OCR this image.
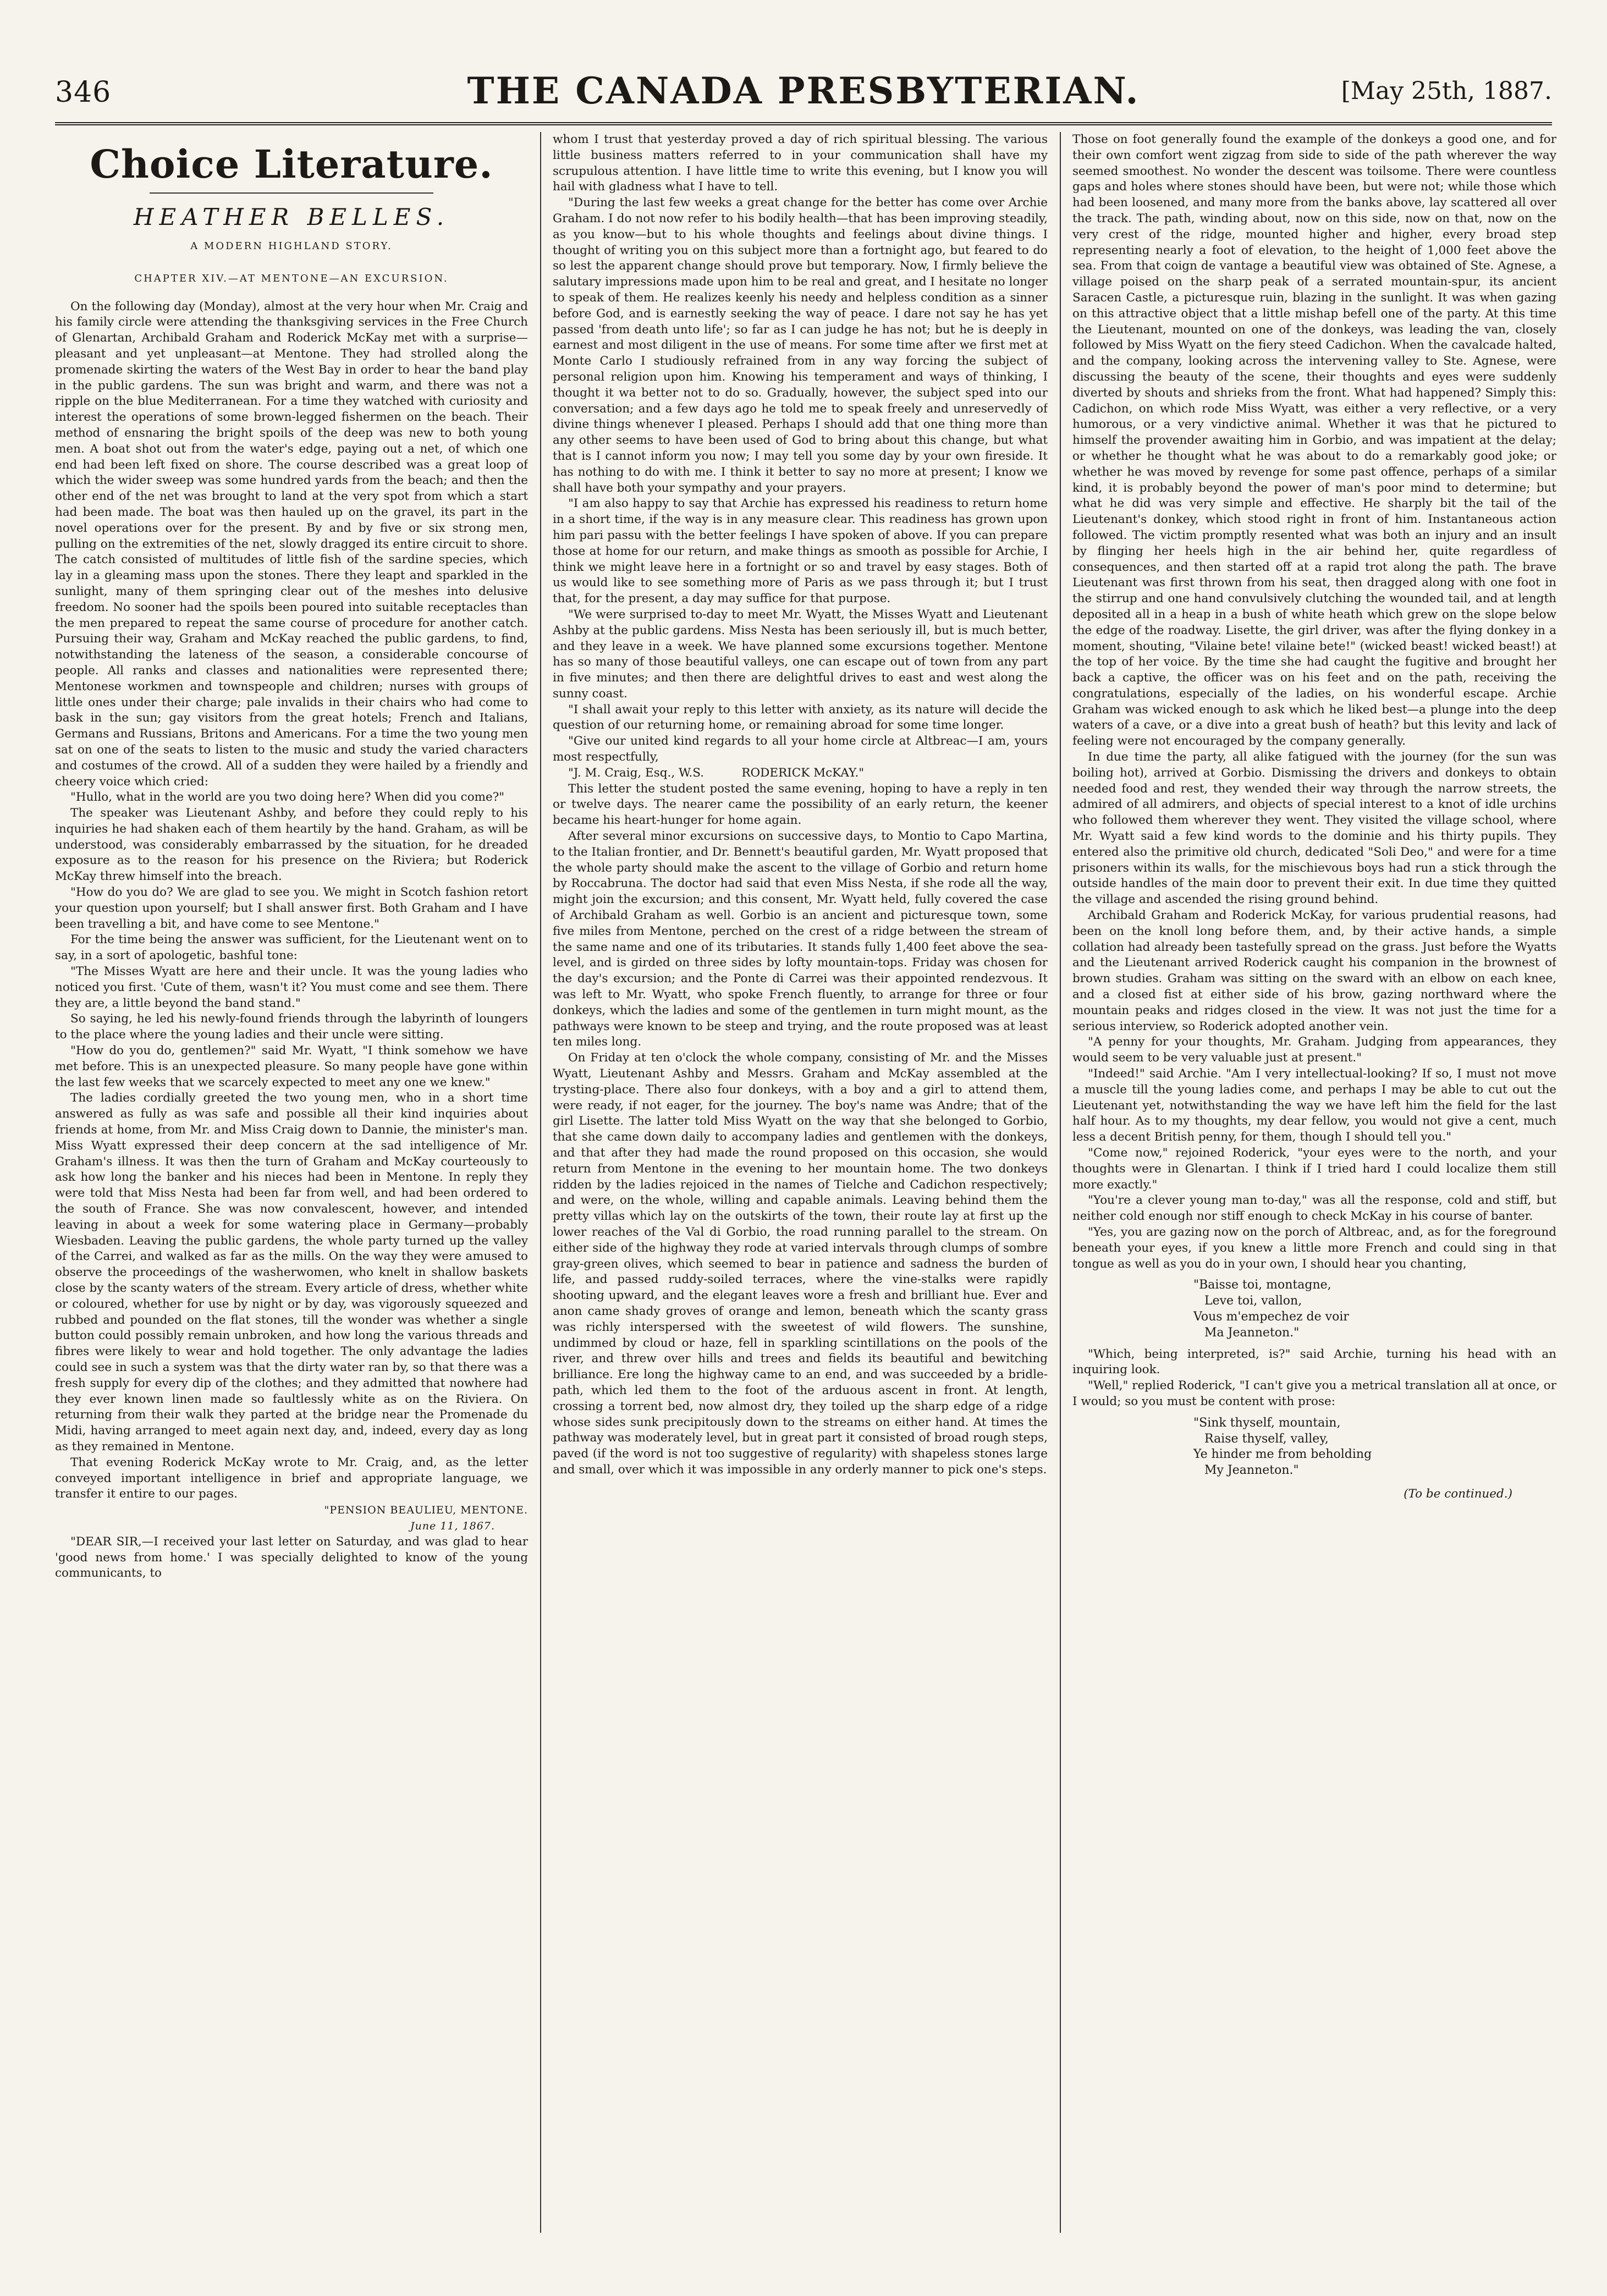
346	THE CANADA PRESBYTERIAN.	[May 25th, 1887.
Choice Literature.
HEATHER BELLES.
A MODERN HIGHLAND STORY.
CHAPTER XIV.—AT MENTONE—AN EXCURSION.

On the following day (Monday), almost at the very hour when Mr. Craig and his family circle were attending the thanksgiving services in the Free Church of Glenartan, Archibald Graham and Roderick McKay met with a surprise—pleasant and yet unpleasant—at Mentone. They had strolled along the promenade skirting the waters of the West Bay in order to hear the band play in the public gardens. The sun was bright and warm, and there was not a ripple on the blue Mediterranean. For a time they watched with curiosity and interest the operations of some brown-legged fishermen on the beach. Their method of ensnaring the bright spoils of the deep was new to both young men. A boat shot out from the water's edge, paying out a net, of which one end had been left fixed on shore. The course described was a great loop of which the wider sweep was some hundred yards from the beach; and then the other end of the net was brought to land at the very spot from which a start had been made. The boat was then hauled up on the gravel, its part in the novel operations over for the present. By and by five or six strong men, pulling on the extremities of the net, slowly dragged its entire circuit to shore. The catch consisted of multitudes of little fish of the sardine species, which lay in a gleaming mass upon the stones. There they leapt and sparkled in the sunlight, many of them springing clear out of the meshes into delusive freedom. No sooner had the spoils been poured into suitable receptacles than the men prepared to repeat the same course of procedure for another catch. Pursuing their way, Graham and McKay reached the public gardens, to find, notwithstanding the lateness of the season, a considerable concourse of people. All ranks and classes and nationalities were represented there; Mentonese workmen and townspeople and children; nurses with groups of little ones under their charge; pale invalids in their chairs who had come to bask in the sun; gay visitors from the great hotels; French and Italians, Germans and Russians, Britons and Americans. For a time the two young men sat on one of the seats to listen to the music and study the varied characters and costumes of the crowd. All of a sudden they were hailed by a friendly and cheery voice which cried:

"Hullo, what in the world are you two doing here? When did you come?"

The speaker was Lieutenant Ashby, and before they could reply to his inquiries he had shaken each of them heartily by the hand. Graham, as will be understood, was considerably embarrassed by the situation, for he dreaded exposure as to the reason for his presence on the Riviera; but Roderick McKay threw himself into the breach.

"How do you do? We are glad to see you. We might in Scotch fashion retort your question upon yourself; but I shall answer first. Both Graham and I have been travelling a bit, and have come to see Mentone."

For the time being the answer was sufficient, for the Lieutenant went on to say, in a sort of apologetic, bashful tone:

"The Misses Wyatt are here and their uncle. It was the young ladies who noticed you first. 'Cute of them, wasn't it? You must come and see them. There they are, a little beyond the band stand."

So saying, he led his newly-found friends through the labyrinth of loungers to the place where the young ladies and their uncle were sitting.

"How do you do, gentlemen?" said Mr. Wyatt, "I think somehow we have met before. This is an unexpected pleasure. So many people have gone within the last few weeks that we scarcely expected to meet any one we knew."

The ladies cordially greeted the two young men, who in a short time answered as fully as was safe and possible all their kind inquiries about friends at home, from Mr. and Miss Craig down to Dannie, the minister's man. Miss Wyatt expressed their deep concern at the sad intelligence of Mr. Graham's illness. It was then the turn of Graham and McKay courteously to ask how long the banker and his nieces had been in Mentone. In reply they were told that Miss Nesta had been far from well, and had been ordered to the south of France. She was now convalescent, however, and intended leaving in about a week for some watering place in Germany—probably Wiesbaden. Leaving the public gardens, the whole party turned up the valley of the Carrei, and walked as far as the mills. On the way they were amused to observe the proceedings of the washerwomen, who knelt in shallow baskets close by the scanty waters of the stream. Every article of dress, whether white or coloured, whether for use by night or by day, was vigorously squeezed and rubbed and pounded on the flat stones, till the wonder was whether a single button could possibly remain unbroken, and how long the various threads and fibres were likely to wear and hold together. The only advantage the ladies could see in such a system was that the dirty water ran by, so that there was a fresh supply for every dip of the clothes; and they admitted that nowhere had they ever known linen made so faultlessly white as on the Riviera. On returning from their walk they parted at the bridge near the Promenade du Midi, having arranged to meet again next day, and, indeed, every day as long as they remained in Mentone.

That evening Roderick McKay wrote to Mr. Craig, and, as the letter conveyed important intelligence in brief and appropriate language, we transfer it entire to our pages.

"PENSION BEAULIEU, MENTONE.

June 11, 1867.

"DEAR SIR,—I received your last letter on Saturday, and was glad to hear 'good news from home.' I was specially delighted to know of the young communicants, to

whom I trust that yesterday proved a day of rich spiritual blessing. The various little business matters referred to in your communication shall have my scrupulous attention. I have little time to write this evening, but I know you will hail with gladness what I have to tell.

"During the last few weeks a great change for the better has come over Archie Graham. I do not now refer to his bodily health—that has been improving steadily, as you know—but to his whole thoughts and feelings about divine things. I thought of writing you on this subject more than a fortnight ago, but feared to do so lest the apparent change should prove but temporary. Now, I firmly believe the salutary impressions made upon him to be real and great, and I hesitate no longer to speak of them. He realizes keenly his needy and helpless condition as a sinner before God, and is earnestly seeking the way of peace. I dare not say he has yet passed 'from death unto life'; so far as I can judge he has not; but he is deeply in earnest and most diligent in the use of means. For some time after we first met at Monte Carlo I studiously refrained from in any way forcing the subject of personal religion upon him. Knowing his temperament and ways of thinking, I thought it wa better not to do so. Gradually, however, the subject sped into our conversation; and a few days ago he told me to speak freely and unreservedly of divine things whenever I pleased. Perhaps I should add that one thing more than any other seems to have been used of God to bring about this change, but what that is I cannot inform you now; I may tell you some day by your own fireside. It has nothing to do with me. I think it better to say no more at present; I know we shall have both your sympathy and your prayers.

"I am also happy to say that Archie has expressed his readiness to return home in a short time, if the way is in any measure clear. This readiness has grown upon him pari passu with the better feelings I have spoken of above. If you can prepare those at home for our return, and make things as smooth as possible for Archie, I think we might leave here in a fortnight or so and travel by easy stages. Both of us would like to see something more of Paris as we pass through it; but I trust that, for the present, a day may suffice for that purpose.

"We were surprised to-day to meet Mr. Wyatt, the Misses Wyatt and Lieutenant Ashby at the public gardens. Miss Nesta has been seriously ill, but is much better, and they leave in a week. We have planned some excursions together. Mentone has so many of those beautiful valleys, one can escape out of town from any part in five minutes; and then there are delightful drives to east and west along the sunny coast.

"I shall await your reply to this letter with anxiety, as its nature will decide the question of our returning home, or remaining abroad for some time longer.

"Give our united kind regards to all your home circle at Altbreac—I am, yours most respectfully,

"J. M. Craig, Esq., W.S.          RODERICK McKAY."

This letter the student posted the same evening, hoping to have a reply in ten or twelve days. The nearer came the possibility of an early return, the keener became his heart-hunger for home again.

After several minor excursions on successive days, to Montio to Capo Martina, to the Italian frontier, and Dr. Bennett's beautiful garden, Mr. Wyatt proposed that the whole party should make the ascent to the village of Gorbio and return home by Roccabruna. The doctor had said that even Miss Nesta, if she rode all the way, might join the excursion; and this consent, Mr. Wyatt held, fully covered the case of Archibald Graham as well. Gorbio is an ancient and picturesque town, some five miles from Mentone, perched on the crest of a ridge between the stream of the same name and one of its tributaries. It stands fully 1,400 feet above the sea-level, and is girded on three sides by lofty mountain-tops. Friday was chosen for the day's excursion; and the Ponte di Carrei was their appointed rendezvous. It was left to Mr. Wyatt, who spoke French fluently, to arrange for three or four donkeys, which the ladies and some of the gentlemen in turn might mount, as the pathways were known to be steep and trying, and the route proposed was at least ten miles long.

On Friday at ten o'clock the whole company, consisting of Mr. and the Misses Wyatt, Lieutenant Ashby and Messrs. Graham and McKay assembled at the trysting-place. There also four donkeys, with a boy and a girl to attend them, were ready, if not eager, for the journey. The boy's name was Andre; that of the girl Lisette. The latter told Miss Wyatt on the way that she belonged to Gorbio, that she came down daily to accompany ladies and gentlemen with the donkeys, and that after they had made the round proposed on this occasion, she would return from Mentone in the evening to her mountain home. The two donkeys ridden by the ladies rejoiced in the names of Tielche and Cadichon respectively; and were, on the whole, willing and capable animals. Leaving behind them the pretty villas which lay on the outskirts of the town, their route lay at first up the lower reaches of the Val di Gorbio, the road running parallel to the stream. On either side of the highway they rode at varied intervals through clumps of sombre gray-green olives, which seemed to bear in patience and sadness the burden of life, and passed ruddy-soiled terraces, where the vine-stalks were rapidly shooting upward, and the elegant leaves wore a fresh and brilliant hue. Ever and anon came shady groves of orange and lemon, beneath which the scanty grass was richly interspersed with the sweetest of wild flowers. The sunshine, undimmed by cloud or haze, fell in sparkling scintillations on the pools of the river, and threw over hills and trees and fields its beautiful and bewitching brilliance. Ere long the highway came to an end, and was succeeded by a bridle-path, which led them to the foot of the arduous ascent in front. At length, crossing a torrent bed, now almost dry, they toiled up the sharp edge of a ridge whose sides sunk precipitously down to the streams on either hand. At times the pathway was moderately level, but in great part it consisted of broad rough steps, paved (if the word is not too suggestive of regularity) with shapeless stones large and small, over which it was impossible in any orderly manner to pick one's steps.

Those on foot generally found the example of the donkeys a good one, and for their own comfort went zigzag from side to side of the path wherever the way seemed smoothest. No wonder the descent was toilsome. There were countless gaps and holes where stones should have been, but were not; while those which had been loosened, and many more from the banks above, lay scattered all over the track. The path, winding about, now on this side, now on that, now on the very crest of the ridge, mounted higher and higher, every broad step representing nearly a foot of elevation, to the height of 1,000 feet above the sea. From that coign de vantage a beautiful view was obtained of Ste. Agnese, a village poised on the sharp peak of a serrated mountain-spur, its ancient Saracen Castle, a picturesque ruin, blazing in the sunlight. It was when gazing on this attractive object that a little mishap befell one of the party. At this time the Lieutenant, mounted on one of the donkeys, was leading the van, closely followed by Miss Wyatt on the fiery steed Cadichon. When the cavalcade halted, and the company, looking across the intervening valley to Ste. Agnese, were discussing the beauty of the scene, their thoughts and eyes were suddenly diverted by shouts and shrieks from the front. What had happened? Simply this: Cadichon, on which rode Miss Wyatt, was either a very reflective, or a very humorous, or a very vindictive animal. Whether it was that he pictured to himself the provender awaiting him in Gorbio, and was impatient at the delay; or whether he thought what he was about to do a remarkably good joke; or whether he was moved by revenge for some past offence, perhaps of a similar kind, it is probably beyond the power of man's poor mind to determine; but what he did was very simple and effective. He sharply bit the tail of the Lieutenant's donkey, which stood right in front of him. Instantaneous action followed. The victim promptly resented what was both an injury and an insult by flinging her heels high in the air behind her, quite regardless of consequences, and then started off at a rapid trot along the path. The brave Lieutenant was first thrown from his seat, then dragged along with one foot in the stirrup and one hand convulsively clutching the wounded tail, and at length deposited all in a heap in a bush of white heath which grew on the slope below the edge of the roadway. Lisette, the girl driver, was after the flying donkey in a moment, shouting, "Vilaine bete! vilaine bete!" (wicked beast! wicked beast!) at the top of her voice. By the time she had caught the fugitive and brought her back a captive, the officer was on his feet and on the path, receiving the congratulations, especially of the ladies, on his wonderful escape. Archie Graham was wicked enough to ask which he liked best—a plunge into the deep waters of a cave, or a dive into a great bush of heath? but this levity and lack of feeling were not encouraged by the company generally.

In due time the party, all alike fatigued with the journey (for the sun was boiling hot), arrived at Gorbio. Dismissing the drivers and donkeys to obtain needed food and rest, they wended their way through the narrow streets, the admired of all admirers, and objects of special interest to a knot of idle urchins who followed them wherever they went. They visited the village school, where Mr. Wyatt said a few kind words to the dominie and his thirty pupils. They entered also the primitive old church, dedicated "Soli Deo," and were for a time prisoners within its walls, for the mischievous boys had run a stick through the outside handles of the main door to prevent their exit. In due time they quitted the village and ascended the rising ground behind.

Archibald Graham and Roderick McKay, for various prudential reasons, had been on the knoll long before them, and, by their active hands, a simple collation had already been tastefully spread on the grass. Just before the Wyatts and the Lieutenant arrived Roderick caught his companion in the brownest of brown studies. Graham was sitting on the sward with an elbow on each knee, and a closed fist at either side of his brow, gazing northward where the mountain peaks and ridges closed in the view. It was not just the time for a serious interview, so Roderick adopted another vein.

"A penny for your thoughts, Mr. Graham. Judging from appearances, they would seem to be very valuable just at present."

"Indeed!" said Archie. "Am I very intellectual-looking? If so, I must not move a muscle till the young ladies come, and perhaps I may be able to cut out the Lieutenant yet, notwithstanding the way we have left him the field for the last half hour. As to my thoughts, my dear fellow, you would not give a cent, much less a decent British penny, for them, though I should tell you."

"Come now," rejoined Roderick, "your eyes were to the north, and your thoughts were in Glenartan. I think if I tried hard I could localize them still more exactly."

"You're a clever young man to-day," was all the response, cold and stiff, but neither cold enough nor stiff enough to check McKay in his course of banter.

"Yes, you are gazing now on the porch of Altbreac, and, as for the foreground beneath your eyes, if you knew a little more French and could sing in that tongue as well as you do in your own, I should hear you chanting,

"Baisse toi, montagne,

Leve toi, vallon,

Vous m'empechez de voir

Ma Jeanneton."

"Which, being interpreted, is?" said Archie, turning his head with an inquiring look.

"Well," replied Roderick, "I can't give you a metrical translation all at once, or I would; so you must be content with prose:

"Sink thyself, mountain,

Raise thyself, valley,

Ye hinder me from beholding

My Jeanneton."

(To be continued.)
